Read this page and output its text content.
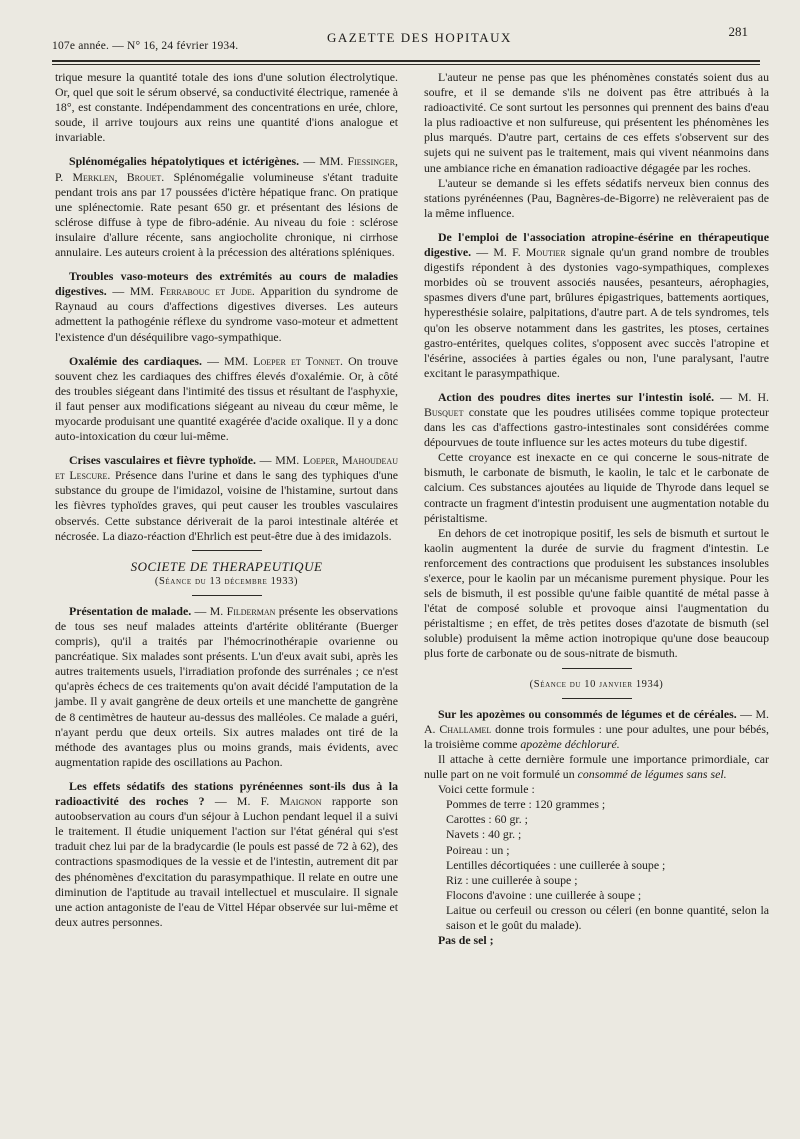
107e année. — N° 16, 24 février 1934.
GAZETTE DES HOPITAUX	281

trique mesure la quantité totale des ions d'une solution électrolytique. Or, quel que soit le sérum observé, sa conductivité électrique, ramenée à 18°, est constante. Indépendamment des concentrations en urée, chlore, soude, il arrive toujours aux reins une quantité d'ions analogue et invariable.

Splénomégalies hépatolytiques et ictérigènes. — MM. Fiessinger, P. Merklen, Brouet. Splénomégalie volumineuse s'étant traduite pendant trois ans par 17 poussées d'ictère hépatique franc. On pratique une splénectomie. Rate pesant 650 gr. et présentant des lésions de sclérose diffuse à type de fibro-adénie. Au niveau du foie : sclérose insulaire d'allure récente, sans angiocholite chronique, ni cirrhose annulaire. Les auteurs croient à la précession des altérations spléniques.

Troubles vaso-moteurs des extrémités au cours de maladies digestives. — MM. Ferrabouc et Jude. Apparition du syndrome de Raynaud au cours d'affections digestives diverses. Les auteurs admettent la pathogénie réflexe du syndrome vaso-moteur et admettent l'existence d'un déséquilibre vago-sympathique.

Oxalémie des cardiaques. — MM. Loeper et Tonnet. On trouve souvent chez les cardiaques des chiffres élevés d'oxalémie. Or, à côté des troubles siégeant dans l'intimité des tissus et résultant de l'asphyxie, il faut penser aux modifications siégeant au niveau du cœur même, le myocarde produisant une quantité exagérée d'acide oxalique. Il y a donc auto-intoxication du cœur lui-même.

Crises vasculaires et fièvre typhoïde. — MM. Loeper, Mahoudeau et Lescure. Présence dans l'urine et dans le sang des typhiques d'une substance du groupe de l'imidazol, voisine de l'histamine, surtout dans les fièvres typhoïdes graves, qui peut causer les troubles vasculaires observés. Cette substance dériverait de la paroi intestinale altérée et nécrosée. La diazo-réaction d'Ehrlich est peut-être due à des imidazols.

SOCIETE DE THERAPEUTIQUE

(Séance du 13 décembre 1933)

Présentation de malade. — M. Filderman présente les observations de tous ses neuf malades atteints d'artérite oblitérante (Buerger compris), qu'il a traités par l'hémocrinothérapie ovarienne ou pancréatique. Six malades sont présents. L'un d'eux avait subi, après les autres traitements usuels, l'irradiation profonde des surrénales ; ce n'est qu'après échecs de ces traitements qu'on avait décidé l'amputation de la jambe. Il y avait gangrène de deux orteils et une manchette de gangrène de 8 centimètres de hauteur au-dessus des malléoles. Ce malade a guéri, n'ayant perdu que deux orteils. Six autres malades ont tiré de la méthode des avantages plus ou moins grands, mais évidents, avec augmentation rapide des oscillations au Pachon.

Les effets sédatifs des stations pyrénéennes sont-ils dus à la radioactivité des roches ? — M. F. Maignon rapporte son autoobservation au cours d'un séjour à Luchon pendant lequel il a suivi le traitement. Il étudie uniquement l'action sur l'état général qui s'est traduit chez lui par de la bradycardie (le pouls est passé de 72 à 62), des contractions spasmodiques de la vessie et de l'intestin, autrement dit par des phénomènes d'excitation du parasympathique. Il relate en outre une diminution de l'aptitude au travail intellectuel et musculaire. Il signale une action antagoniste de l'eau de Vittel Hépar observée sur lui-même et deux autres personnes.

L'auteur ne pense pas que les phénomènes constatés soient dus au soufre, et il se demande s'ils ne doivent pas être attribués à la radioactivité. Ce sont surtout les personnes qui prennent des bains d'eau la plus radioactive et non sulfureuse, qui présentent les phénomènes les plus marqués. D'autre part, certains de ces effets s'observent sur des sujets qui ne suivent pas le traitement, mais qui vivent néanmoins dans une ambiance riche en émanation radioactive dégagée par les roches.

L'auteur se demande si les effets sédatifs nerveux bien connus des stations pyrénéennes (Pau, Bagnères-de-Bigorre) ne relèveraient pas de la même influence.

De l'emploi de l'association atropine-ésérine en thérapeutique digestive. — M. F. Moutier signale qu'un grand nombre de troubles digestifs répondent à des dystonies vago-sympathiques, complexes morbides où se trouvent associés nausées, pesanteurs, aérophagies, spasmes divers d'une part, brûlures épigastriques, battements aortiques, hyperesthésie solaire, palpitations, d'autre part. A de tels syndromes, tels qu'on les observe notamment dans les gastrites, les ptoses, certaines gastro-entérites, quelques colites, s'opposent avec succès l'atropine et l'ésérine, associées à parties égales ou non, l'une paralysant, l'autre excitant le parasympathique.

Action des poudres dites inertes sur l'intestin isolé. — M. H. Busquet constate que les poudres utilisées comme topique protecteur dans les cas d'affections gastro-intestinales sont considérées comme dépourvues de toute influence sur les actes moteurs du tube digestif.

Cette croyance est inexacte en ce qui concerne le sous-nitrate de bismuth, le carbonate de bismuth, le kaolin, le talc et le carbonate de calcium. Ces substances ajoutées au liquide de Thyrode dans lequel se contracte un fragment d'intestin produisent une augmentation notable du péristaltisme.

En dehors de cet inotropique positif, les sels de bismuth et surtout le kaolin augmentent la durée de survie du fragment d'intestin. Le renforcement des contractions que produisent les substances insolubles s'exerce, pour le kaolin par un mécanisme purement physique. Pour les sels de bismuth, il est possible qu'une faible quantité de métal passe à l'état de composé soluble et provoque ainsi l'augmentation du péristaltisme ; en effet, de très petites doses d'azotate de bismuth (sel soluble) produisent la même action inotropique qu'une dose beaucoup plus forte de carbonate ou de sous-nitrate de bismuth.

(Séance du 10 janvier 1934)

Sur les apozèmes ou consommés de légumes et de céréales. — M. A. Challamel donne trois formules : une pour adultes, une pour bébés, la troisième comme apozème déchloruré.

Il attache à cette dernière formule une importance primordiale, car nulle part on ne voit formulé un consommé de légumes sans sel.

Voici cette formule :

Pommes de terre : 120 grammes ;
Carottes : 60 gr. ;
Navets : 40 gr. ;
Poireau : un ;
Lentilles décortiquées : une cuillerée à soupe ;
Riz : une cuillerée à soupe ;
Flocons d'avoine : une cuillerée à soupe ;
Laitue ou cerfeuil ou cresson ou céleri (en bonne quantité, selon la saison et le goût du malade).

Pas de sel ;
